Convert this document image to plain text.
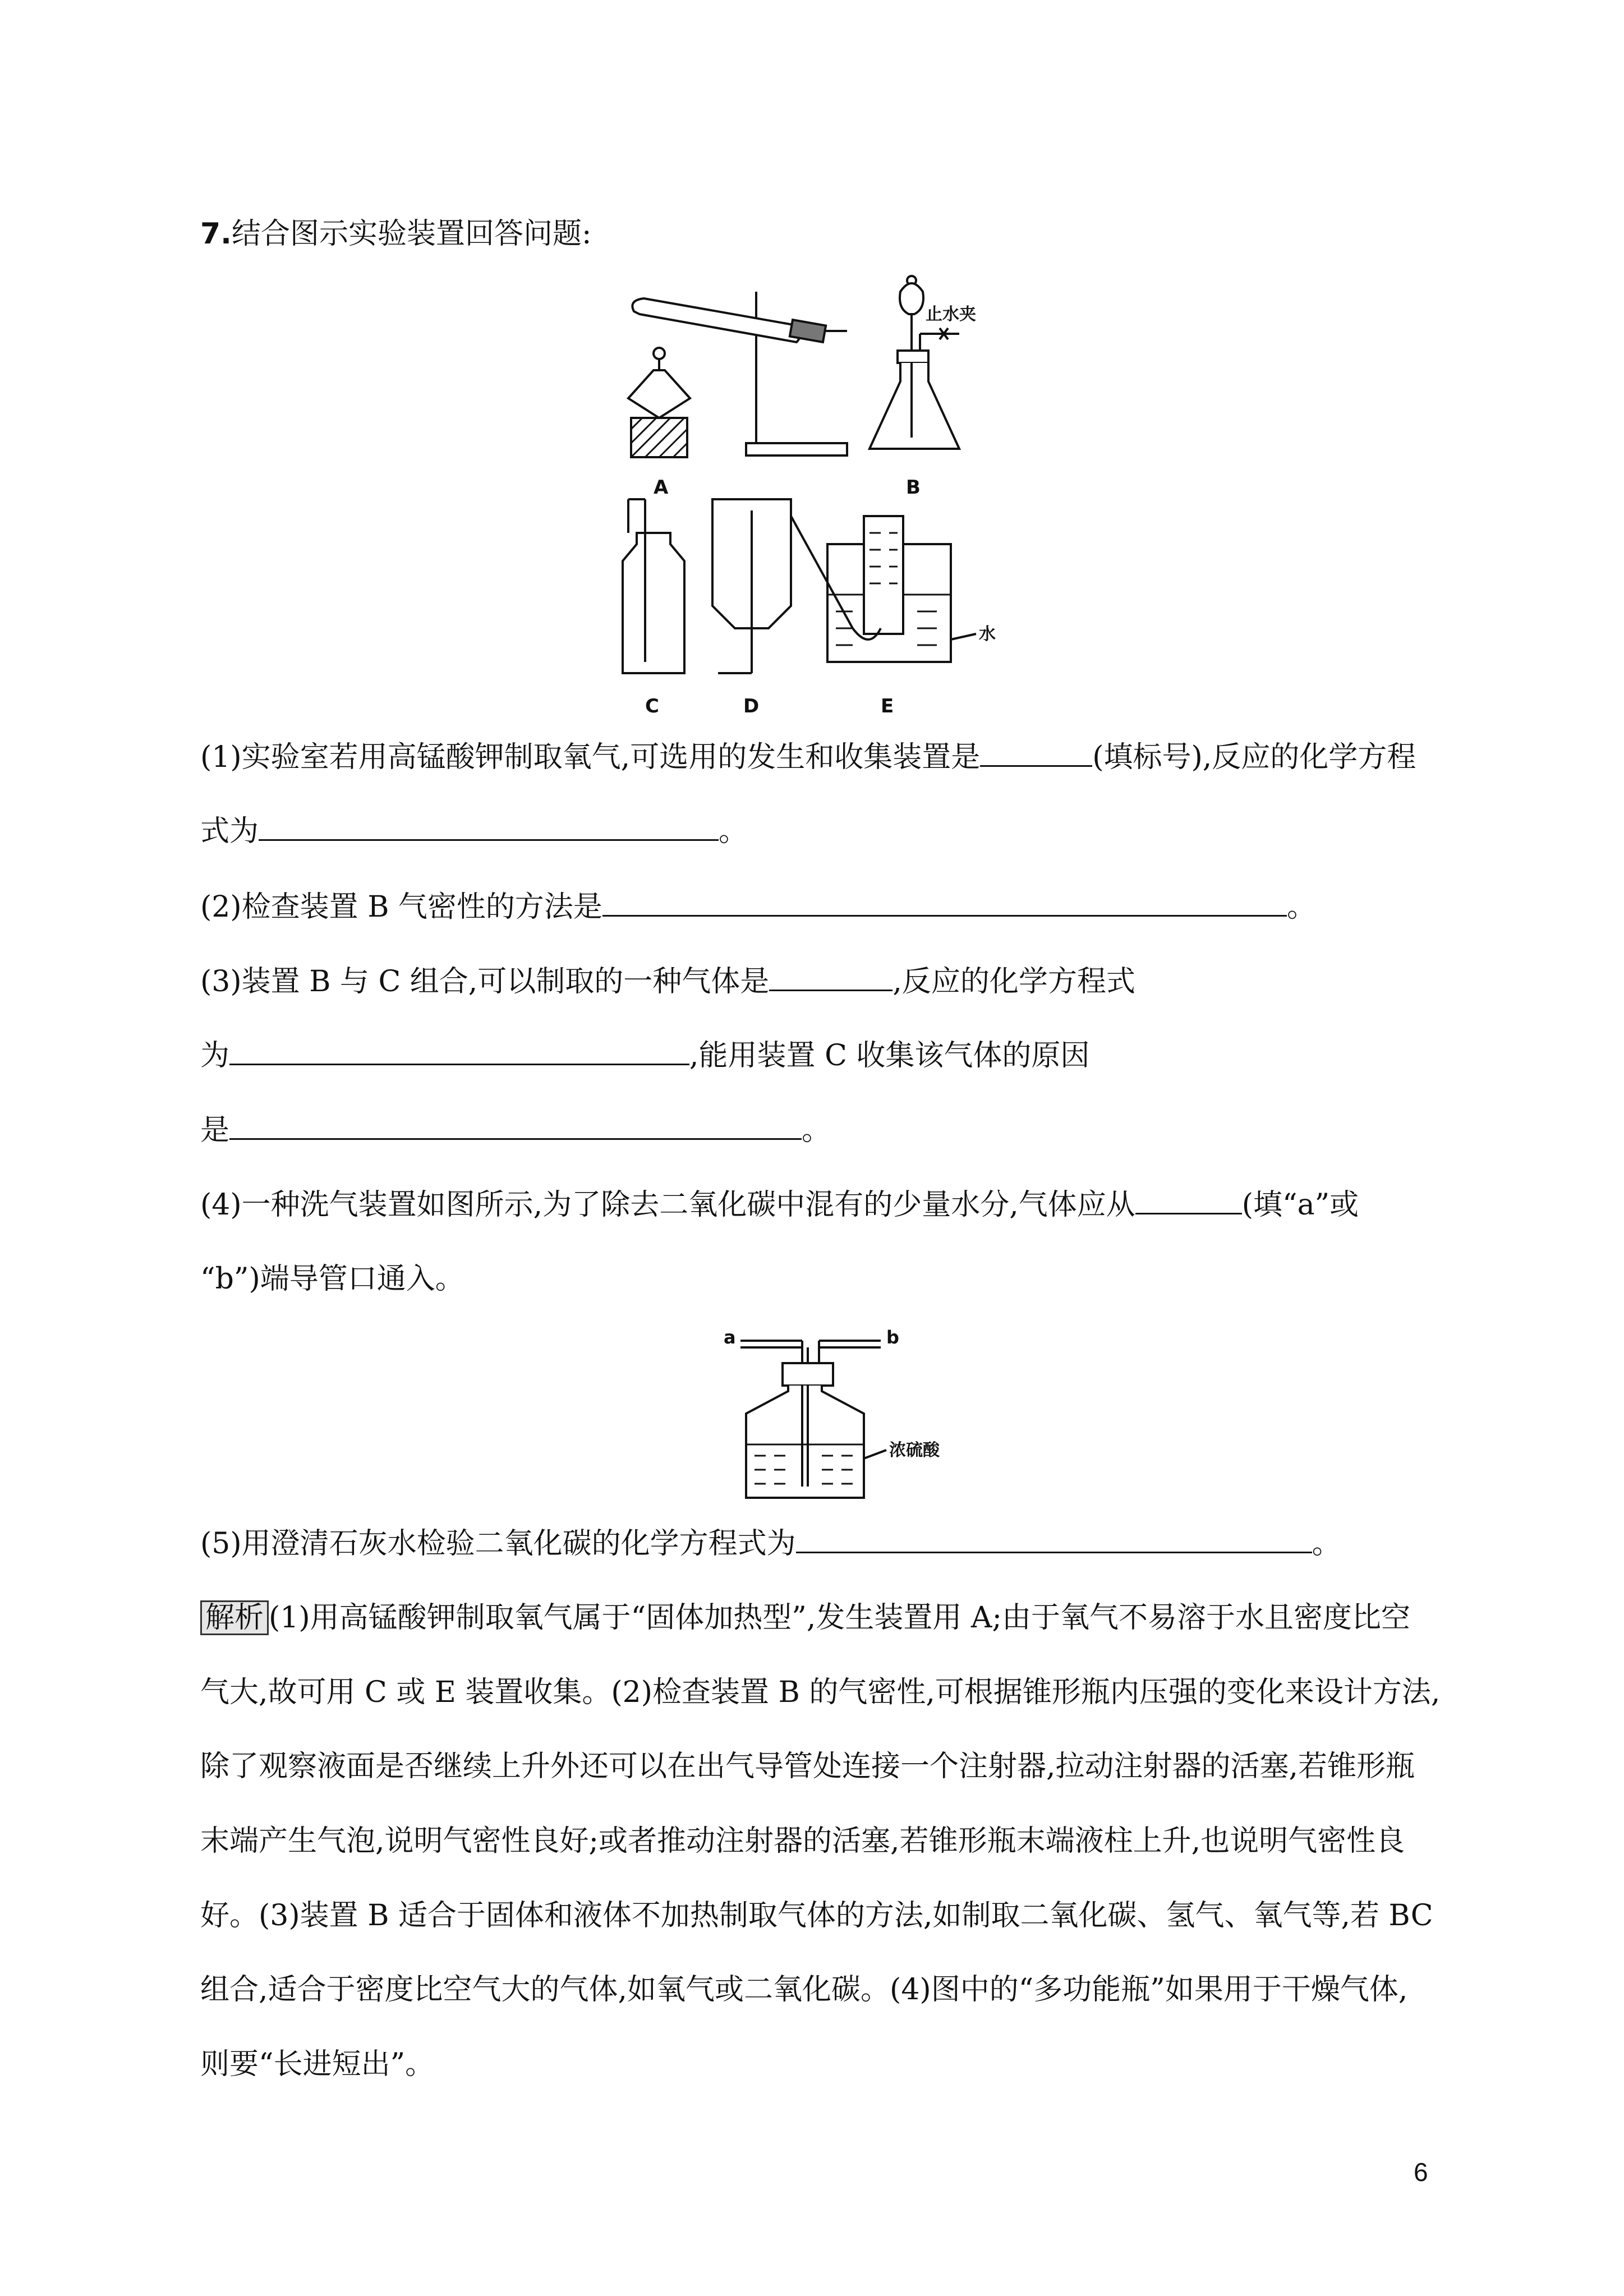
7.结合图示实验装置回答问题:
A	B
C	D	E
止水夹
水
(1)实验室若用高锰酸钾制取氧气,可选用的发生和收集装置是	(填标号),反应的化学方程
式为	。
(2)检查装置 B 气密性的方法是	。
(3)装置 B 与 C 组合,可以制取的一种气体是	,反应的化学方程式
为	,能用装置 C 收集该气体的原因
是	。
(4)一种洗气装置如图所示,为了除去二氧化碳中混有的少量水分,气体应从	(填“a”或
“b”)端导管口通入。
a	b
浓硫酸
(5)用澄清石灰水检验二氧化碳的化学方程式为	。
解析 (1)用高锰酸钾制取氧气属于“固体加热型”,发生装置用 A;由于氧气不易溶于水且密度比空
气大,故可用 C 或 E 装置收集。(2)检查装置 B 的气密性,可根据锥形瓶内压强的变化来设计方法,
除了观察液面是否继续上升外还可以在出气导管处连接一个注射器,拉动注射器的活塞,若锥形瓶
末端产生气泡,说明气密性良好;或者推动注射器的活塞,若锥形瓶末端液柱上升,也说明气密性良
好。(3)装置 B 适合于固体和液体不加热制取气体的方法,如制取二氧化碳、氢气、氧气等,若 BC
组合,适合于密度比空气大的气体,如氧气或二氧化碳。(4)图中的“多功能瓶”如果用于干燥气体,
则要“长进短出”。
6
